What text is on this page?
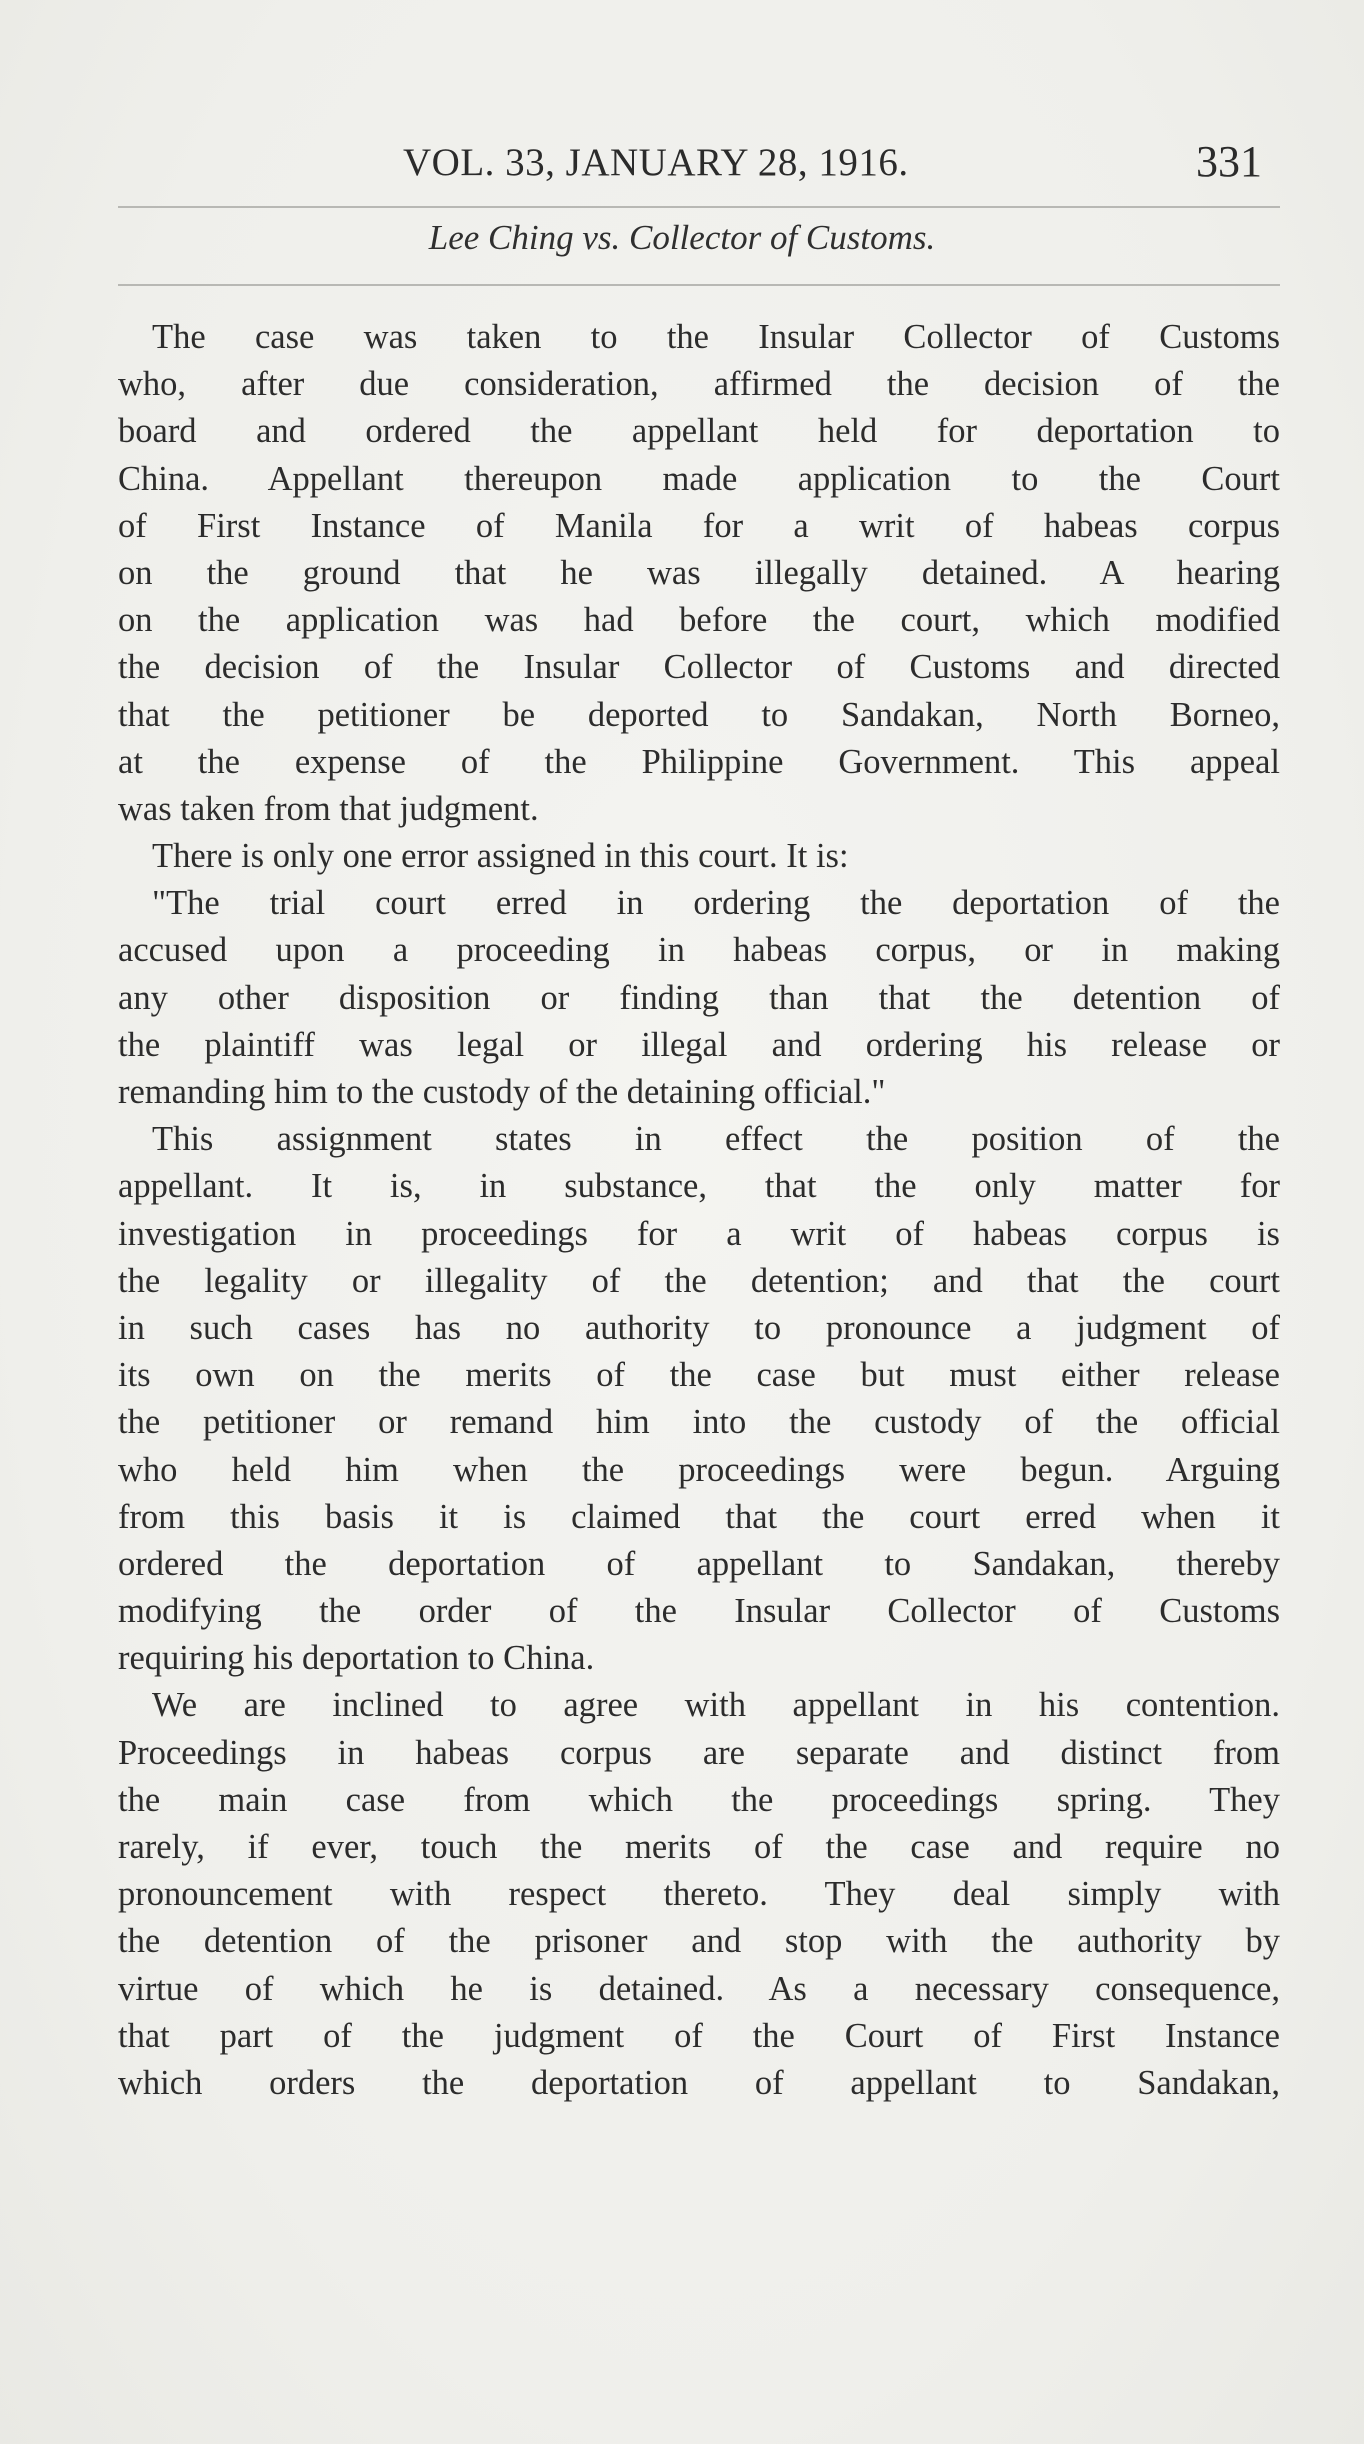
VOL. 33, JANUARY 28, 1916.	331
Lee Ching vs. Collector of Customs.
The case was taken to the Insular Collector of Customs
who, after due consideration, affirmed the decision of the
board and ordered the appellant held for deportation to
China. Appellant thereupon made application to the Court
of First Instance of Manila for a writ of habeas corpus
on the ground that he was illegally detained. A hearing
on the application was had before the court, which modified
the decision of the Insular Collector of Customs and directed
that the petitioner be deported to Sandakan, North Borneo,
at the expense of the Philippine Government. This appeal
was taken from that judgment.
There is only one error assigned in this court. It is:
"The trial court erred in ordering the deportation of the
accused upon a proceeding in habeas corpus, or in making
any other disposition or finding than that the detention of
the plaintiff was legal or illegal and ordering his release or
remanding him to the custody of the detaining official."
This assignment states in effect the position of the
appellant. It is, in substance, that the only matter for
investigation in proceedings for a writ of habeas corpus is
the legality or illegality of the detention; and that the court
in such cases has no authority to pronounce a judgment of
its own on the merits of the case but must either release
the petitioner or remand him into the custody of the official
who held him when the proceedings were begun. Arguing
from this basis it is claimed that the court erred when it
ordered the deportation of appellant to Sandakan, thereby
modifying the order of the Insular Collector of Customs
requiring his deportation to China.
We are inclined to agree with appellant in his contention.
Proceedings in habeas corpus are separate and distinct from
the main case from which the proceedings spring. They
rarely, if ever, touch the merits of the case and require no
pronouncement with respect thereto. They deal simply with
the detention of the prisoner and stop with the authority by
virtue of which he is detained. As a necessary consequence,
that part of the judgment of the Court of First Instance
which orders the deportation of appellant to Sandakan,
